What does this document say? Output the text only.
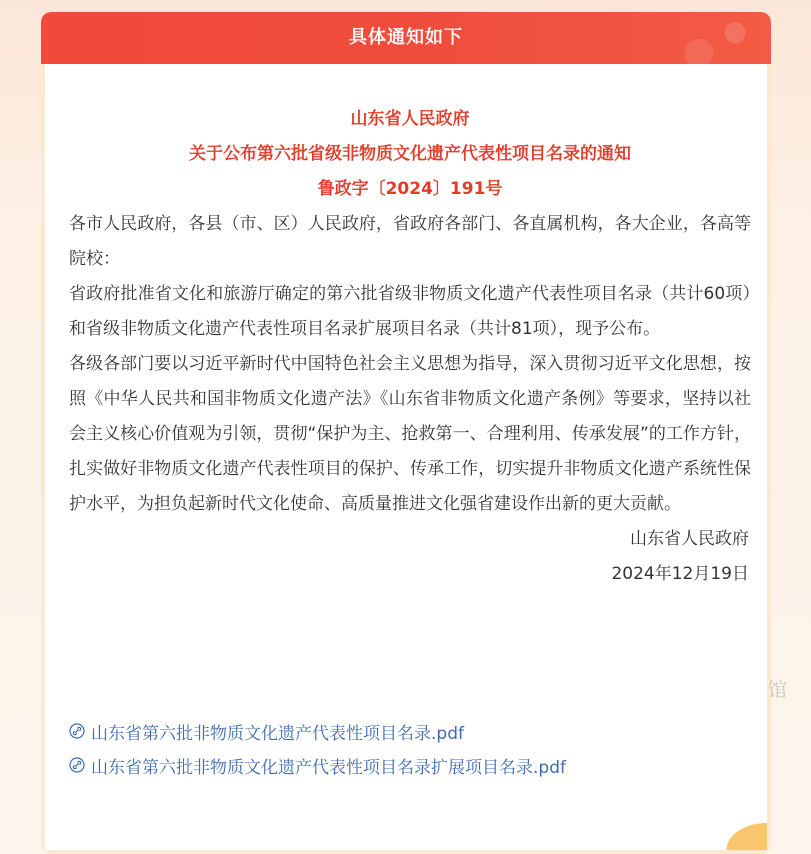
具体通知如下
山东省人民政府
关于公布第六批省级非物质文化遗产代表性项目名录的通知
鲁政字〔2024〕191号

各市人民政府，各县（市、区）人民政府，省政府各部门、各直属机构，各大企业，各高等院校：

省政府批准省文化和旅游厅确定的第六批省级非物质文化遗产代表性项目名录（共计60项）和省级非物质文化遗产代表性项目名录扩展项目名录（共计81项），现予公布。

各级各部门要以习近平新时代中国特色社会主义思想为指导，深入贯彻习近平文化思想，按照《中华人民共和国非物质文化遗产法》《山东省非物质文化遗产条例》等要求，坚持以社会主义核心价值观为引领，贯彻“保护为主、抢救第一、合理利用、传承发展”的工作方针，扎实做好非物质文化遗产代表性项目的保护、传承工作，切实提升非物质文化遗产系统性保护水平，为担负起新时代文化使命、高质量推进文化强省建设作出新的更大贡献。

山东省人民政府
2024年12月19日
山东省第六批非物质文化遗产代表性项目名录.pdf
山东省第六批非物质文化遗产代表性项目名录扩展项目名录.pdf
馆
